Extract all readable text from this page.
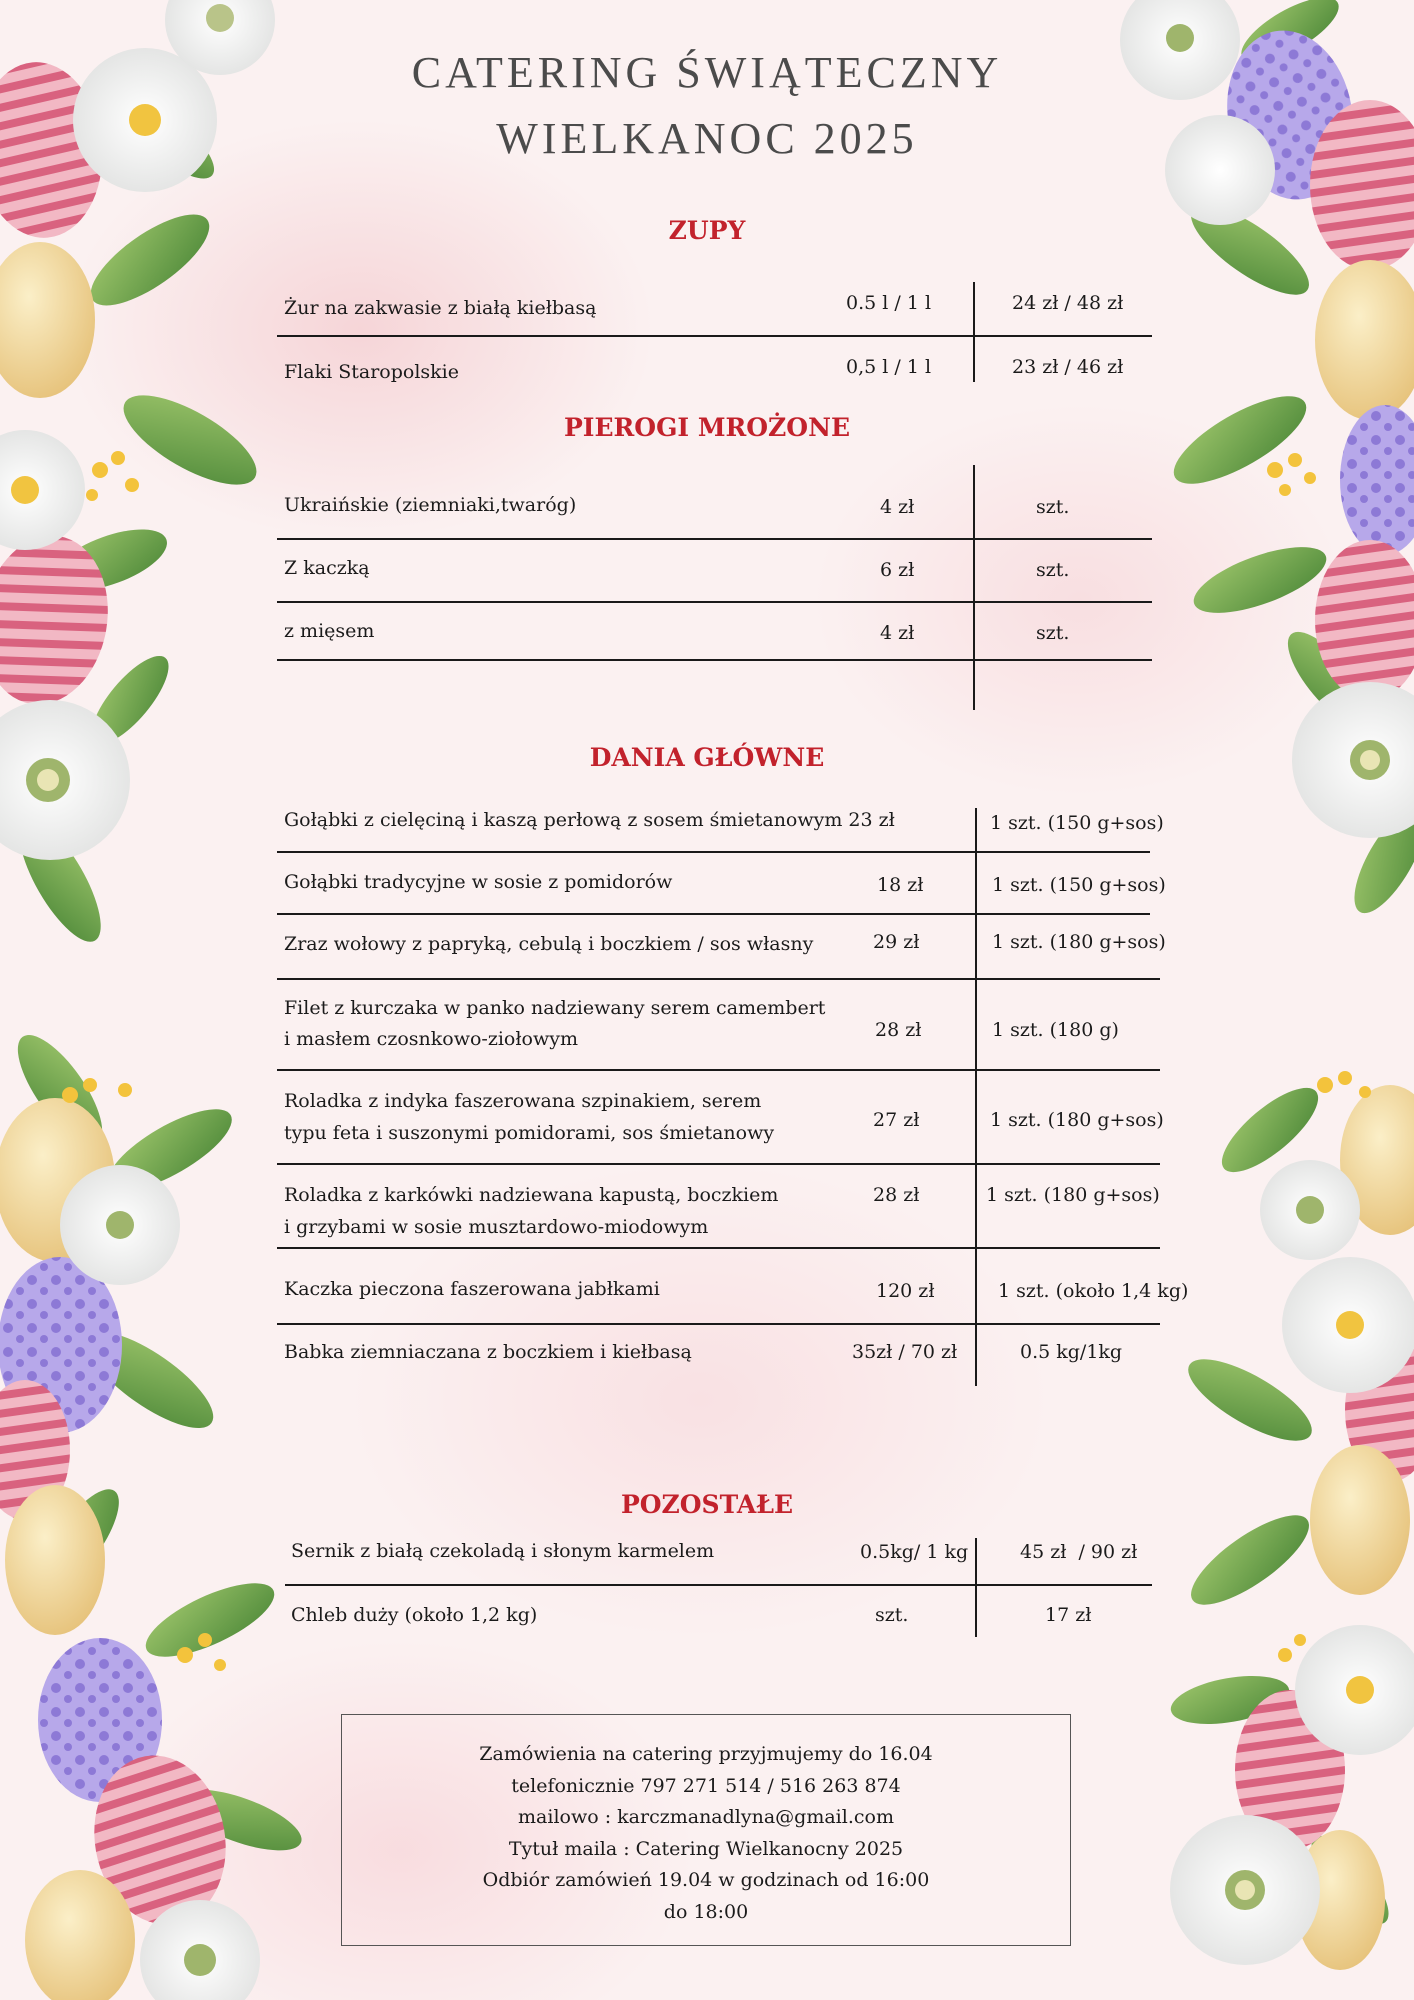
CATERING ŚWIĄTECZNY
WIELKANOC 2025
ZUPY
Żur na zakwasie z białą kiełbasą	0.5 l / 1 l	24 zł / 48 zł
Flaki Staropolskie	0,5 l / 1 l	23 zł / 46 zł
PIEROGI MROŻONE
Ukraińskie (ziemniaki,twaróg)	4 zł	szt.
Z kaczką	6 zł	szt.
z mięsem	4 zł	szt.
DANIA GŁÓWNE
Gołąbki z cielęciną i kaszą perłową z sosem śmietanowym 23 zł	1 szt. (150 g+sos)
Gołąbki tradycyjne w sosie z pomidorów	18 zł	1 szt. (150 g+sos)
Zraz wołowy z papryką, cebulą i boczkiem / sos własny	29 zł	1 szt. (180 g+sos)
Filet z kurczaka w panko nadziewany serem camembert
i masłem czosnkowo-ziołowym	28 zł	1 szt. (180 g)
Roladka z indyka faszerowana szpinakiem, serem
typu feta i suszonymi pomidorami, sos śmietanowy
27 zł	1 szt. (180 g+sos)
Roladka z karkówki nadziewana kapustą, boczkiem
i grzybami w sosie musztardowo-miodowym
28 zł	1 szt. (180 g+sos)
Kaczka pieczona faszerowana jabłkami	120 zł	1 szt. (około 1,4 kg)
Babka ziemniaczana z boczkiem i kiełbasą	35zł / 70 zł	0.5 kg/1kg
POZOSTAŁE
Sernik z białą czekoladą i słonym karmelem	0.5kg/ 1 kg	45 zł  / 90 zł
Chleb duży (około 1,2 kg)	szt.	17 zł
Zamówienia na catering przyjmujemy do 16.04
telefonicznie 797 271 514 / 516 263 874
mailowo : karczmanadlyna@gmail.com
Tytuł maila : Catering Wielkanocny 2025
Odbiór zamówień 19.04 w godzinach od 16:00
do 18:00
